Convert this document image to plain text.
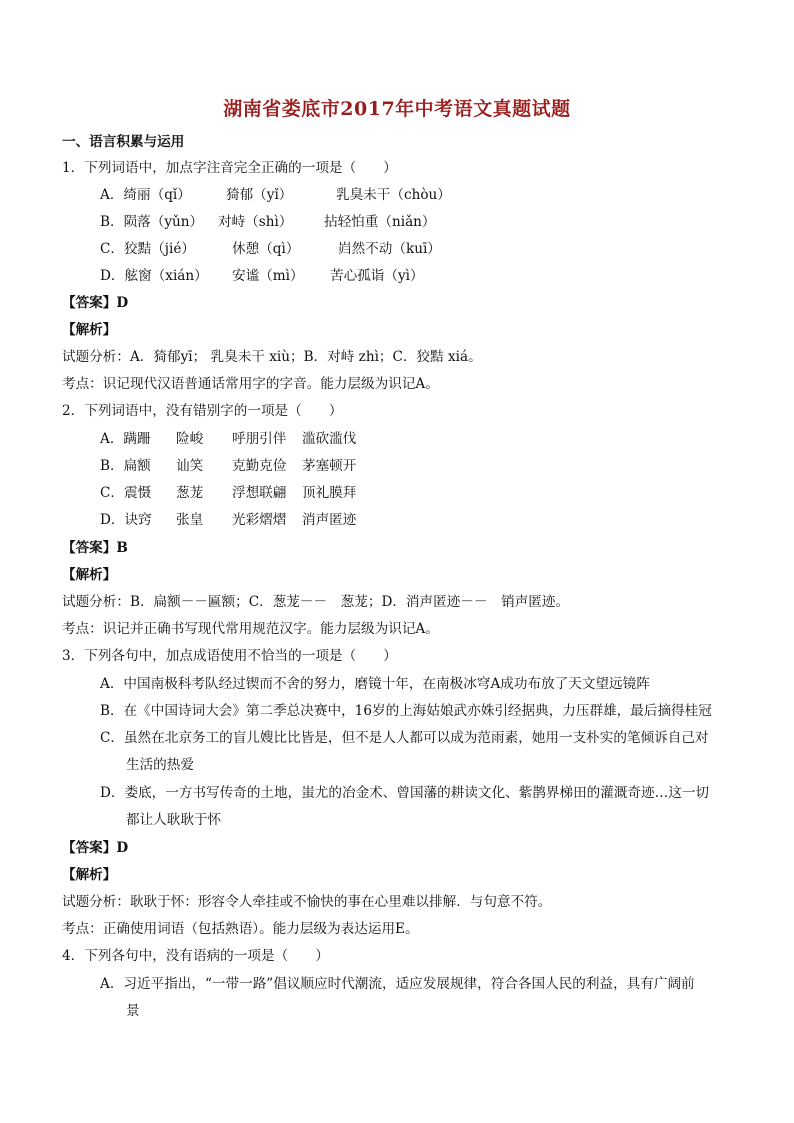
湖南省娄底市2017年中考语文真题试题
一、语言积累与运用
1．下列词语中，加点字注音完全正确的一项是（　　）
A．绮丽（qǐ）	猗郁（yǐ）	乳臭未干（chòu）
B．陨落（yǔn） 对峙（shì） 拈轻怕重（niǎn）
C．狡黠（jié）	休憩（qì）	岿然不动（kuī）
D．舷窗（xián） 安谧（mì） 苦心孤诣（yì）
【答案】D
【解析】
试题分析：A．猗郁yī； 乳臭未干 xiù；B．对峙 zhì；C．狡黠 xiá。
考点：识记现代汉语普通话常用字的字音。能力层级为识记A。
2．下列词语中，没有错别字的一项是（　　）
A．蹒跚 险峻 呼朋引伴 滥砍滥伐
B．扁额 讪笑 克勤克俭 茅塞顿开
C．震慑 葱茏 浮想联翩 顶礼膜拜
D．诀窍 张皇 光彩熠熠 消声匿迹
【答案】B
【解析】
试题分析：B．扁额－－匾额；C．葱茏－－　葱茏；D．消声匿迹－－　销声匿迹。
考点：识记并正确书写现代常用规范汉字。能力层级为识记A。
3．下列各句中，加点成语使用不恰当的一项是（　　）
A．中国南极科考队经过锲而不舍的努力，磨镜十年，在南极冰穹A成功布放了天文望远镜阵
B．在《中国诗词大会》第二季总决赛中，16岁的上海姑娘武亦姝引经据典，力压群雄，最后摘得桂冠
C．虽然在北京务工的盲儿嫂比比皆是，但不是人人都可以成为范雨素，她用一支朴实的笔倾诉自己对
生活的热爱
D．娄底，一方书写传奇的土地，蚩尤的冶金术、曾国藩的耕读文化、紫鹊界梯田的灌溉奇迹…这一切
都让人耿耿于怀
【答案】D
【解析】
试题分析：耿耿于怀：形容令人牵挂或不愉快的事在心里难以排解．与句意不符。
考点：正确使用词语（包括熟语）。能力层级为表达运用E。
4．下列各句中，没有语病的一项是（　　）
A．习近平指出，“一带一路”倡议顺应时代潮流，适应发展规律，符合各国人民的利益，具有广阔前
景
